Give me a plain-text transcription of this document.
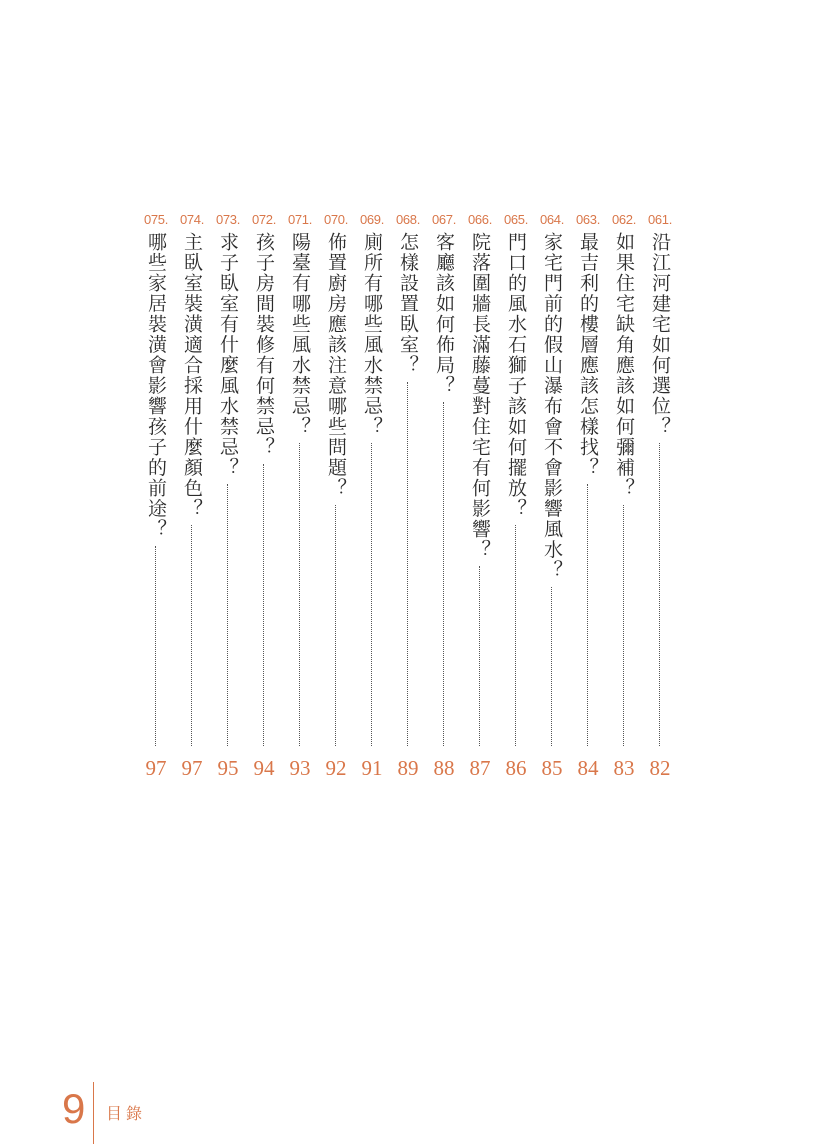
061.
沿江河建宅如何選位？
82
062.
如果住宅缺角應該如何彌補？
83
063.
最吉利的樓層應該怎樣找？
84
064.
家宅門前的假山瀑布會不會影響風水？
85
065.
門口的風水石獅子該如何擺放？
86
066.
院落圍牆長滿藤蔓對住宅有何影響？
87
067.
客廳該如何佈局？
88
068.
怎樣設置臥室？
89
069.
廁所有哪些風水禁忌？
91
070.
佈置廚房應該注意哪些問題？
92
071.
陽臺有哪些風水禁忌？
93
072.
孩子房間裝修有何禁忌？
94
073.
求子臥室有什麼風水禁忌？
95
074.
主臥室裝潢適合採用什麼顏色？
97
075.
哪些家居裝潢會影響孩子的前途？
97
9 目錄
